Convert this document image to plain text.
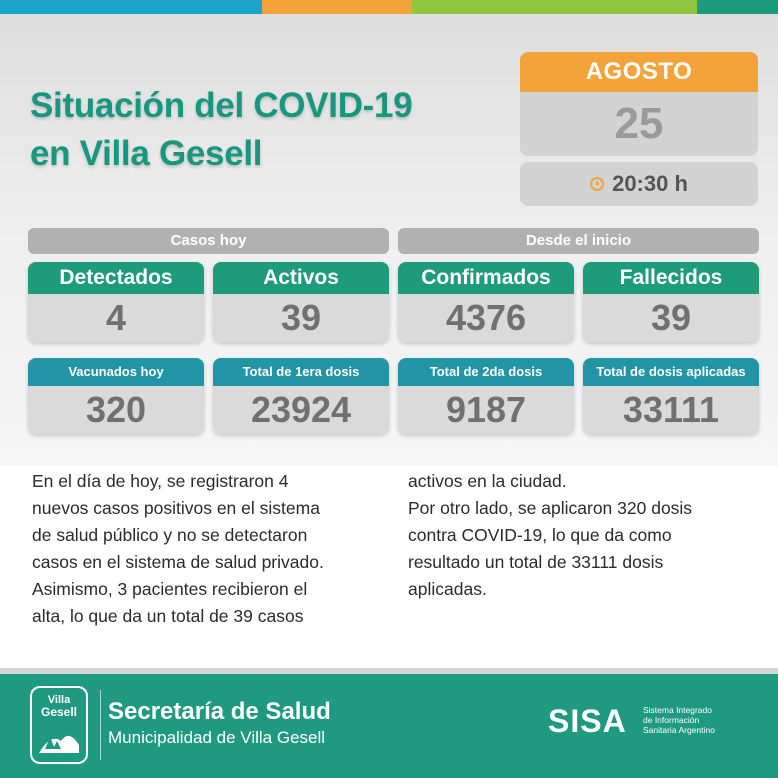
Situación del COVID-19
en Villa Gesell
AGOSTO
25
20:30 h
Casos hoy	Desde el inicio
Detectados
4
Activos
39
Confirmados
4376
Fallecidos
39
Vacunados hoy
320
Total de 1era dosis
23924
Total de 2da dosis
9187
Total de dosis aplicadas
33111
En el día de hoy, se registraron 4
nuevos casos positivos en el sistema
de salud público y no se detectaron
casos en el sistema de salud privado.
Asimismo, 3 pacientes recibieron el
alta, lo que da un total de 39 casos
activos en la ciudad.
Por otro lado, se aplicaron 320 dosis
contra COVID-19, lo que da como
resultado un total de 33111 dosis
aplicadas.
Villa
Gesell	Secretaría de Salud
Municipalidad de Villa Gesell	SISA Sistema Integrado
de Información
Sanitaria Argentino
